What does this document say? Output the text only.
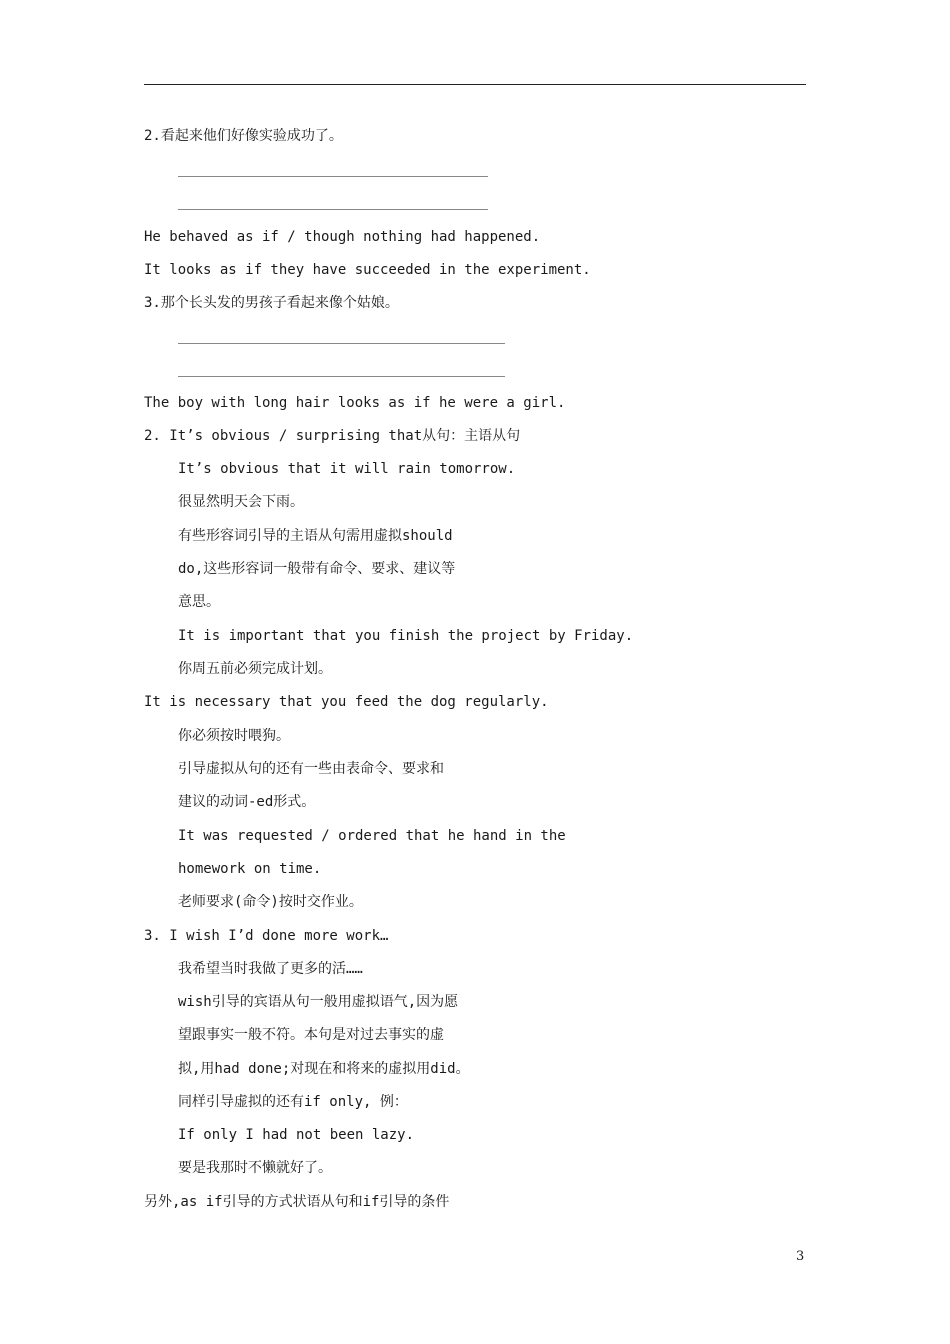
2.看起来他们好像实验成功了。
He behaved as if / though nothing had happened.
It looks as if they have succeeded in the experiment.
3.那个长头发的男孩子看起来像个姑娘。
The boy with long hair looks as if he were a girl.
2. It’s obvious / surprising that从句：主语从句
It’s obvious that it will rain tomorrow.
很显然明天会下雨。
有些形容词引导的主语从句需用虚拟should
do,这些形容词一般带有命令、要求、建议等
意思。
It is important that you finish the project by Friday.
你周五前必须完成计划。
It is necessary that you feed the dog regularly.
你必须按时喂狗。
引导虚拟从句的还有一些由表命令、要求和
建议的动词-ed形式。
It was requested / ordered that he hand in the
homework on time.
老师要求(命令)按时交作业。
3. I wish I’d done more work…
我希望当时我做了更多的活……
wish引导的宾语从句一般用虚拟语气,因为愿
望跟事实一般不符。本句是对过去事实的虚
拟,用had done;对现在和将来的虚拟用did。
同样引导虚拟的还有if only, 例：
If only I had not been lazy.
要是我那时不懒就好了。
另外,as if引导的方式状语从句和if引导的条件
3
